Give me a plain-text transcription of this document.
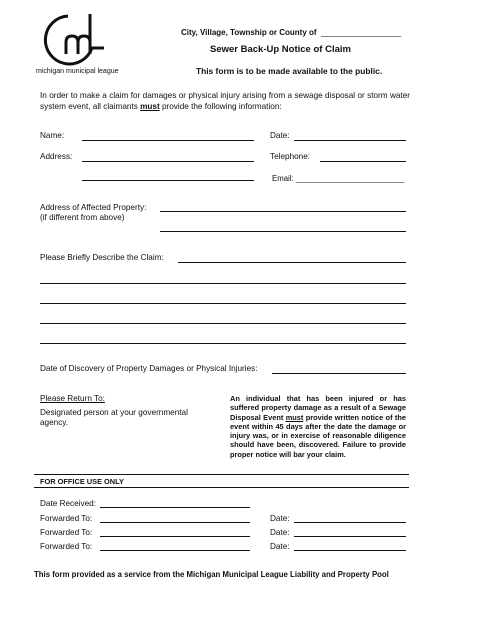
michigan municipal league
City, Village, Township or County of __________________
Sewer Back-Up Notice of Claim
This form is to be made available to the public.
In order to make a claim for damages or physical injury arising from a sewage disposal or storm water system event, all claimants must provide the following information:
Name:	Date:
Address:	Telephone:
Email: _________________________
Address of Affected Property:
(if different from above)
Please Briefly Describe the Claim:
Date of Discovery of Property Damages or Physical Injuries:
Please Return To:
Designated person at your governmental
agency.
An individual that has been injured or has suffered property damage as a result of a Sewage Disposal Event must provide written notice of the event within 45 days after the date the damage or injury was, or in exercise of reasonable diligence should have been, discovered. Failure to provide proper notice will bar your claim.
FOR OFFICE USE ONLY
Date Received:
Forwarded To:	Date:
Forwarded To:	Date:
Forwarded To:	Date:
This form provided as a service from the Michigan Municipal League Liability and Property Pool
